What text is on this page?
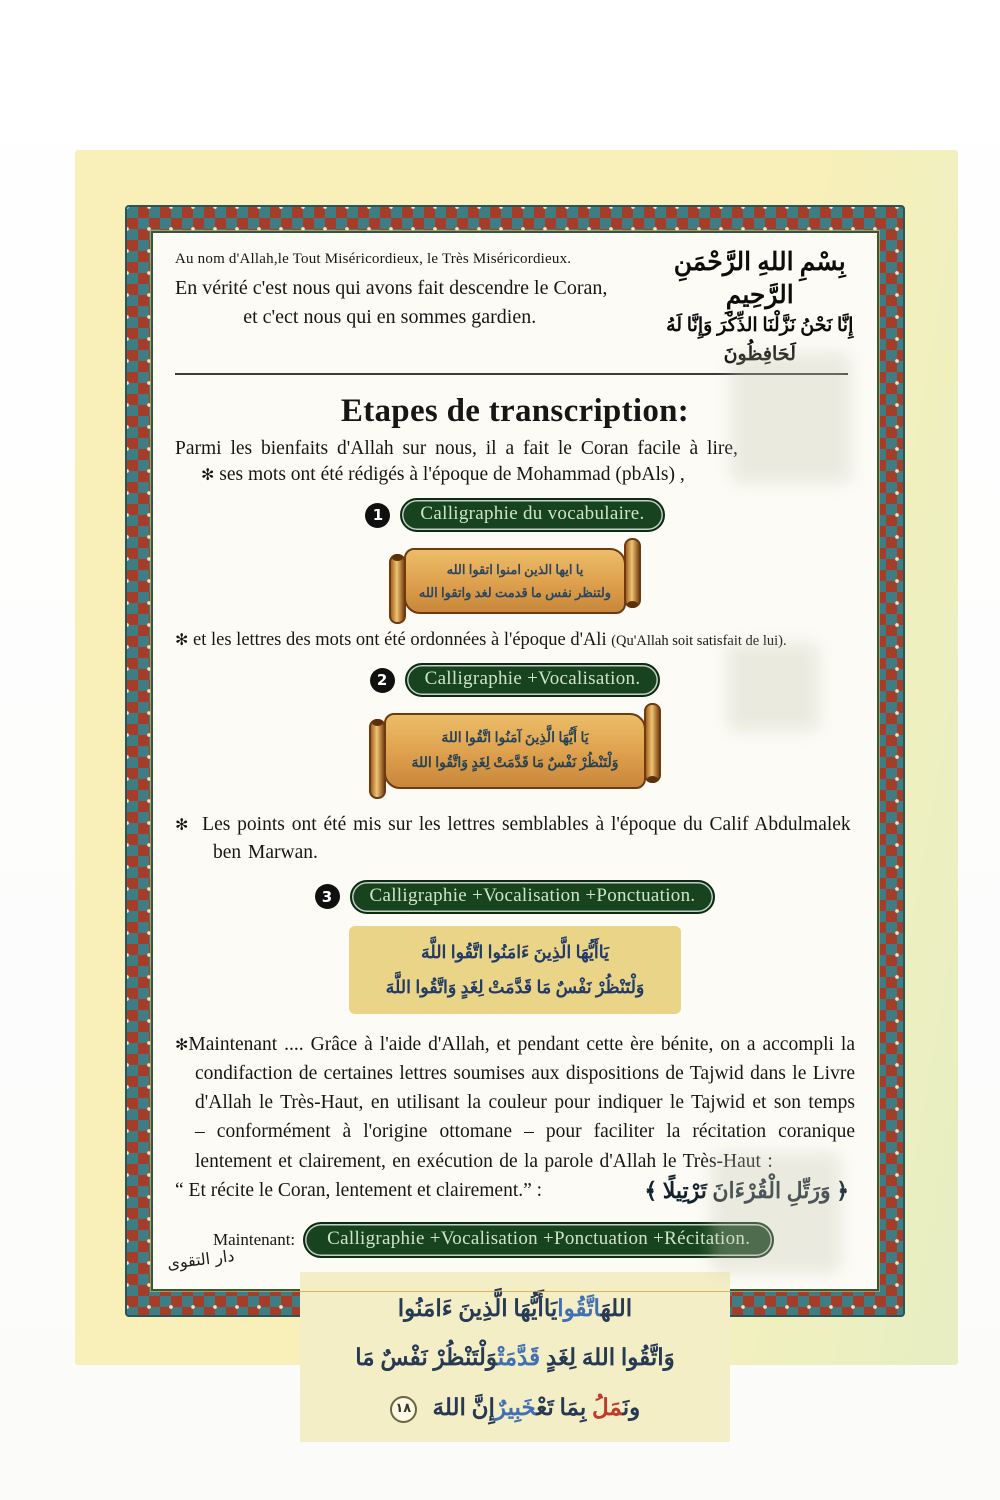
Au nom d'Allah,le Tout Miséricordieux, le Très Miséricordieux.
En vérité c'est nous qui avons fait descendre le Coran,
et c'ect nous qui en sommes gardien.
بِسْمِ اللهِ الرَّحْمَنِ الرَّحِيمِ
إِنَّا نَحْنُ نَزَّلْنَا الذِّكْرَ وَإِنَّا لَهُ لَحَافِظُونَ
Etapes de transcription:
Parmi les bienfaits d'Allah sur nous, il a fait le Coran facile à lire,
✻ ses mots ont été rédigés à l'époque de Mohammad (pbAls) ,
1	Calligraphie du vocabulaire.
يا ايها الذين امنوا اتقوا الله
ولتنظر نفس ما قدمت لغد واتقوا الله
✻ et les lettres des mots ont été ordonnées à l'époque d'Ali (Qu'Allah soit satisfait de lui).
2	Calligraphie +Vocalisation.
يَا أَيُّهَا الَّذِينَ آمَنُوا اتَّقُوا اللهَ
وَلْتَنْظُرْ نَفْسٌ مَا قَدَّمَتْ لِغَدٍ وَاتَّقُوا اللهَ
✻ Les points ont été mis sur les lettres semblables à l'époque du Calif Abdulmalek ben Marwan.
3	Calligraphie +Vocalisation +Ponctuation.
يَاأَيُّهَا الَّذِينَ ءَامَنُوا اتَّقُوا اللَّهَ
وَلْتَنْظُرْ نَفْسٌ مَا قَدَّمَتْ لِغَدٍ وَاتَّقُوا اللَّهَ
✻Maintenant .... Grâce à l'aide d'Allah, et pendant cette ère bénite, on a accompli la condifaction de certaines lettres soumises aux dispositions de Tajwid dans le Livre d'Allah le Très-Haut, en utilisant la couleur pour indiquer le Tajwid et son temps – conformément à l'origine ottomane – pour faciliter la récitation coranique lentement et clairement, en exécution de la parole d'Allah le Très-Haut :
“ Et récite le Coran, lentement et clairement.” :	﴿ وَرَتِّلِ الْقُرْءَانَ تَرْتِيلًا ﴾
Maintenant:	Calligraphie +Vocalisation +Ponctuation +Récitation.
اللهَاتَّقُوايَاأَيُّهَا الَّذِينَ ءَامَنُوا
وَاتَّقُوا اللهَ لِغَدٍ قَدَّمَتْوَلْتَنْظُرْ نَفْسٌ مَا
ونَمَلُ بِمَا تَعْخَبِيرٌإِنَّ اللهَ ١٨
دار التقوى
